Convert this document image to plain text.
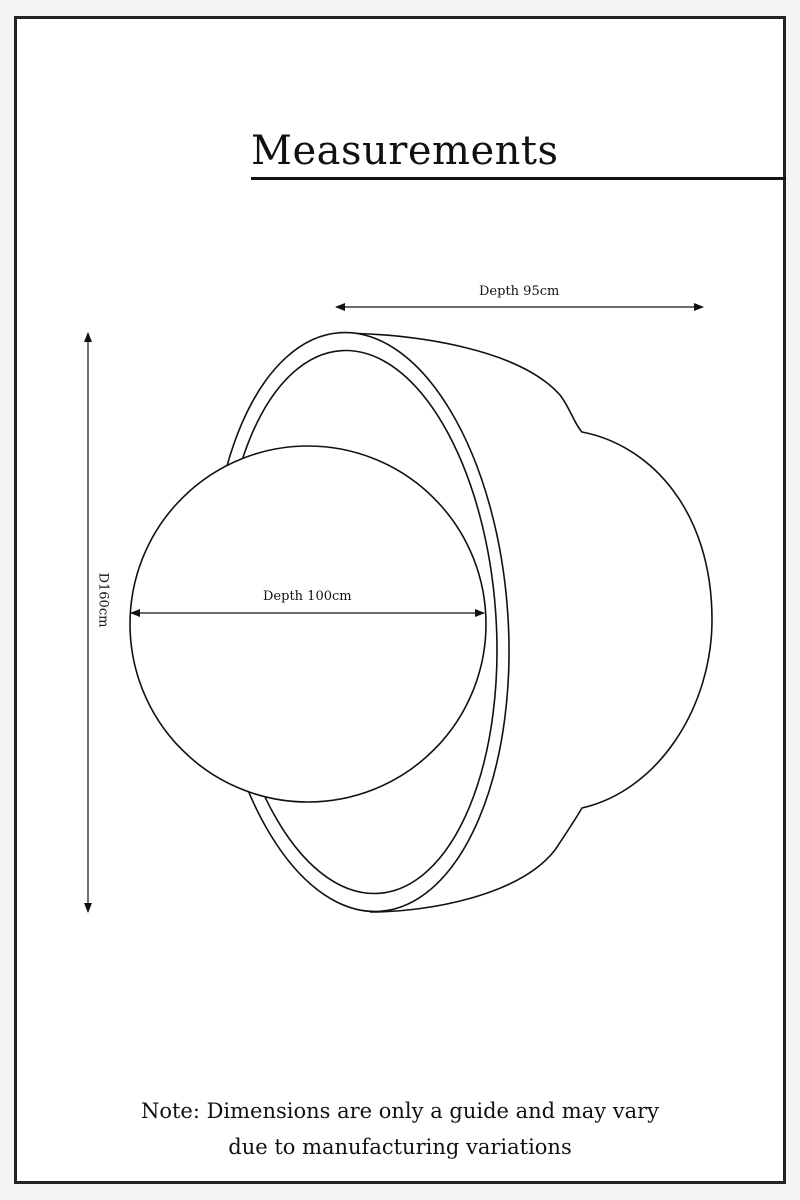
Measurements
Depth 95cm
Depth 100cm
D160cm
Note: Dimensions are only a guide and may vary
due to manufacturing variations
